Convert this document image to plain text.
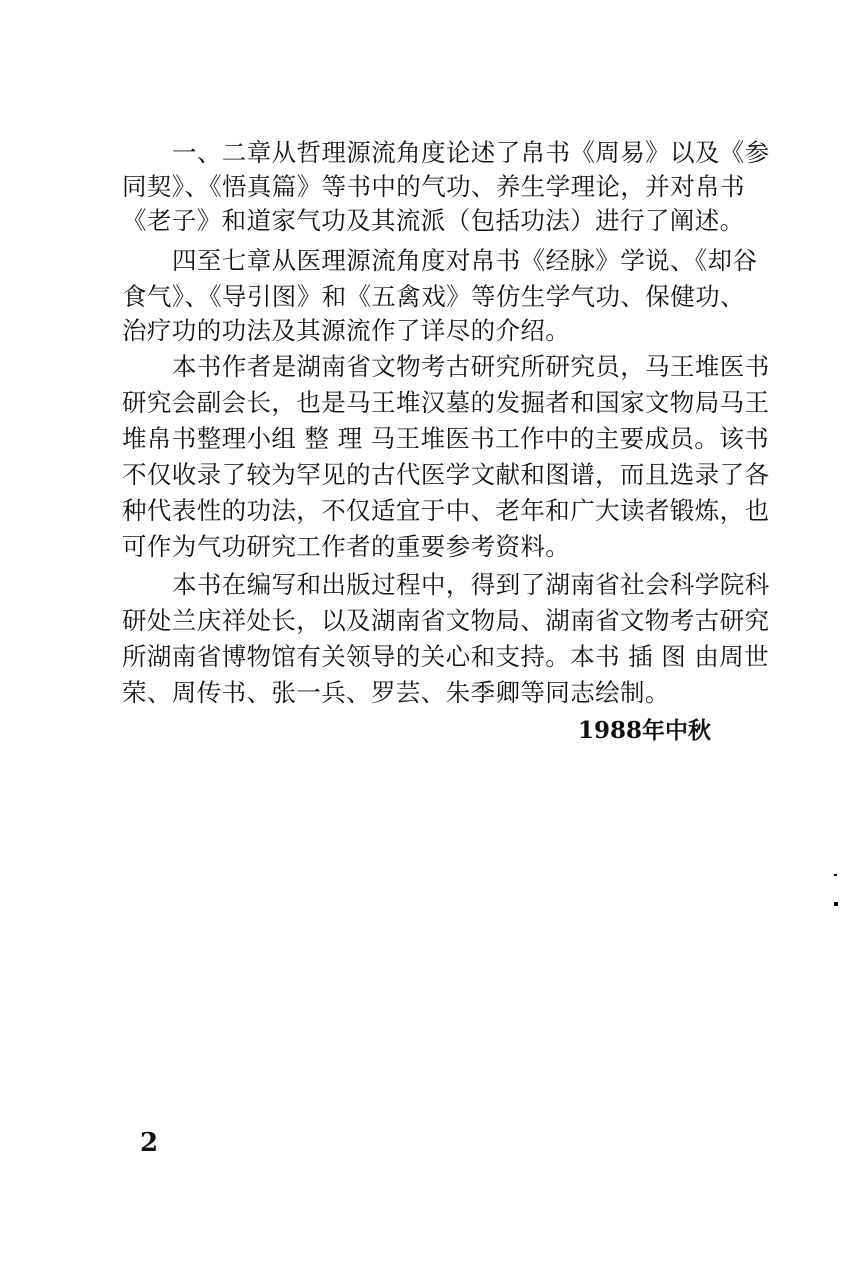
一、二章从哲理源流角度论述了帛书《周易》以及《参
同契》、《悟真篇》等书中的气功、养生学理论，并对帛书
《老子》和道家气功及其流派（包括功法）进行了阐述。
四至七章从医理源流角度对帛书《经脉》学说、《却谷
食气》、《导引图》和《五禽戏》等仿生学气功、保健功、
治疗功的功法及其源流作了详尽的介绍。
本书作者是湖南省文物考古研究所研究员，马王堆医书
研究会副会长，也是马王堆汉墓的发掘者和国家文物局马王
堆帛书整理小组 整 理 马王堆医书工作中的主要成员。该书
不仅收录了较为罕见的古代医学文献和图谱，而且选录了各
种代表性的功法，不仅适宜于中、老年和广大读者锻炼，也
可作为气功研究工作者的重要参考资料。
本书在编写和出版过程中，得到了湖南省社会科学院科
研处兰庆祥处长，以及湖南省文物局、湖南省文物考古研究
所湖南省博物馆有关领导的关心和支持。本书 插 图 由周世
荣、周传书、张一兵、罗芸、朱季卿等同志绘制。
1988年中秋
2
